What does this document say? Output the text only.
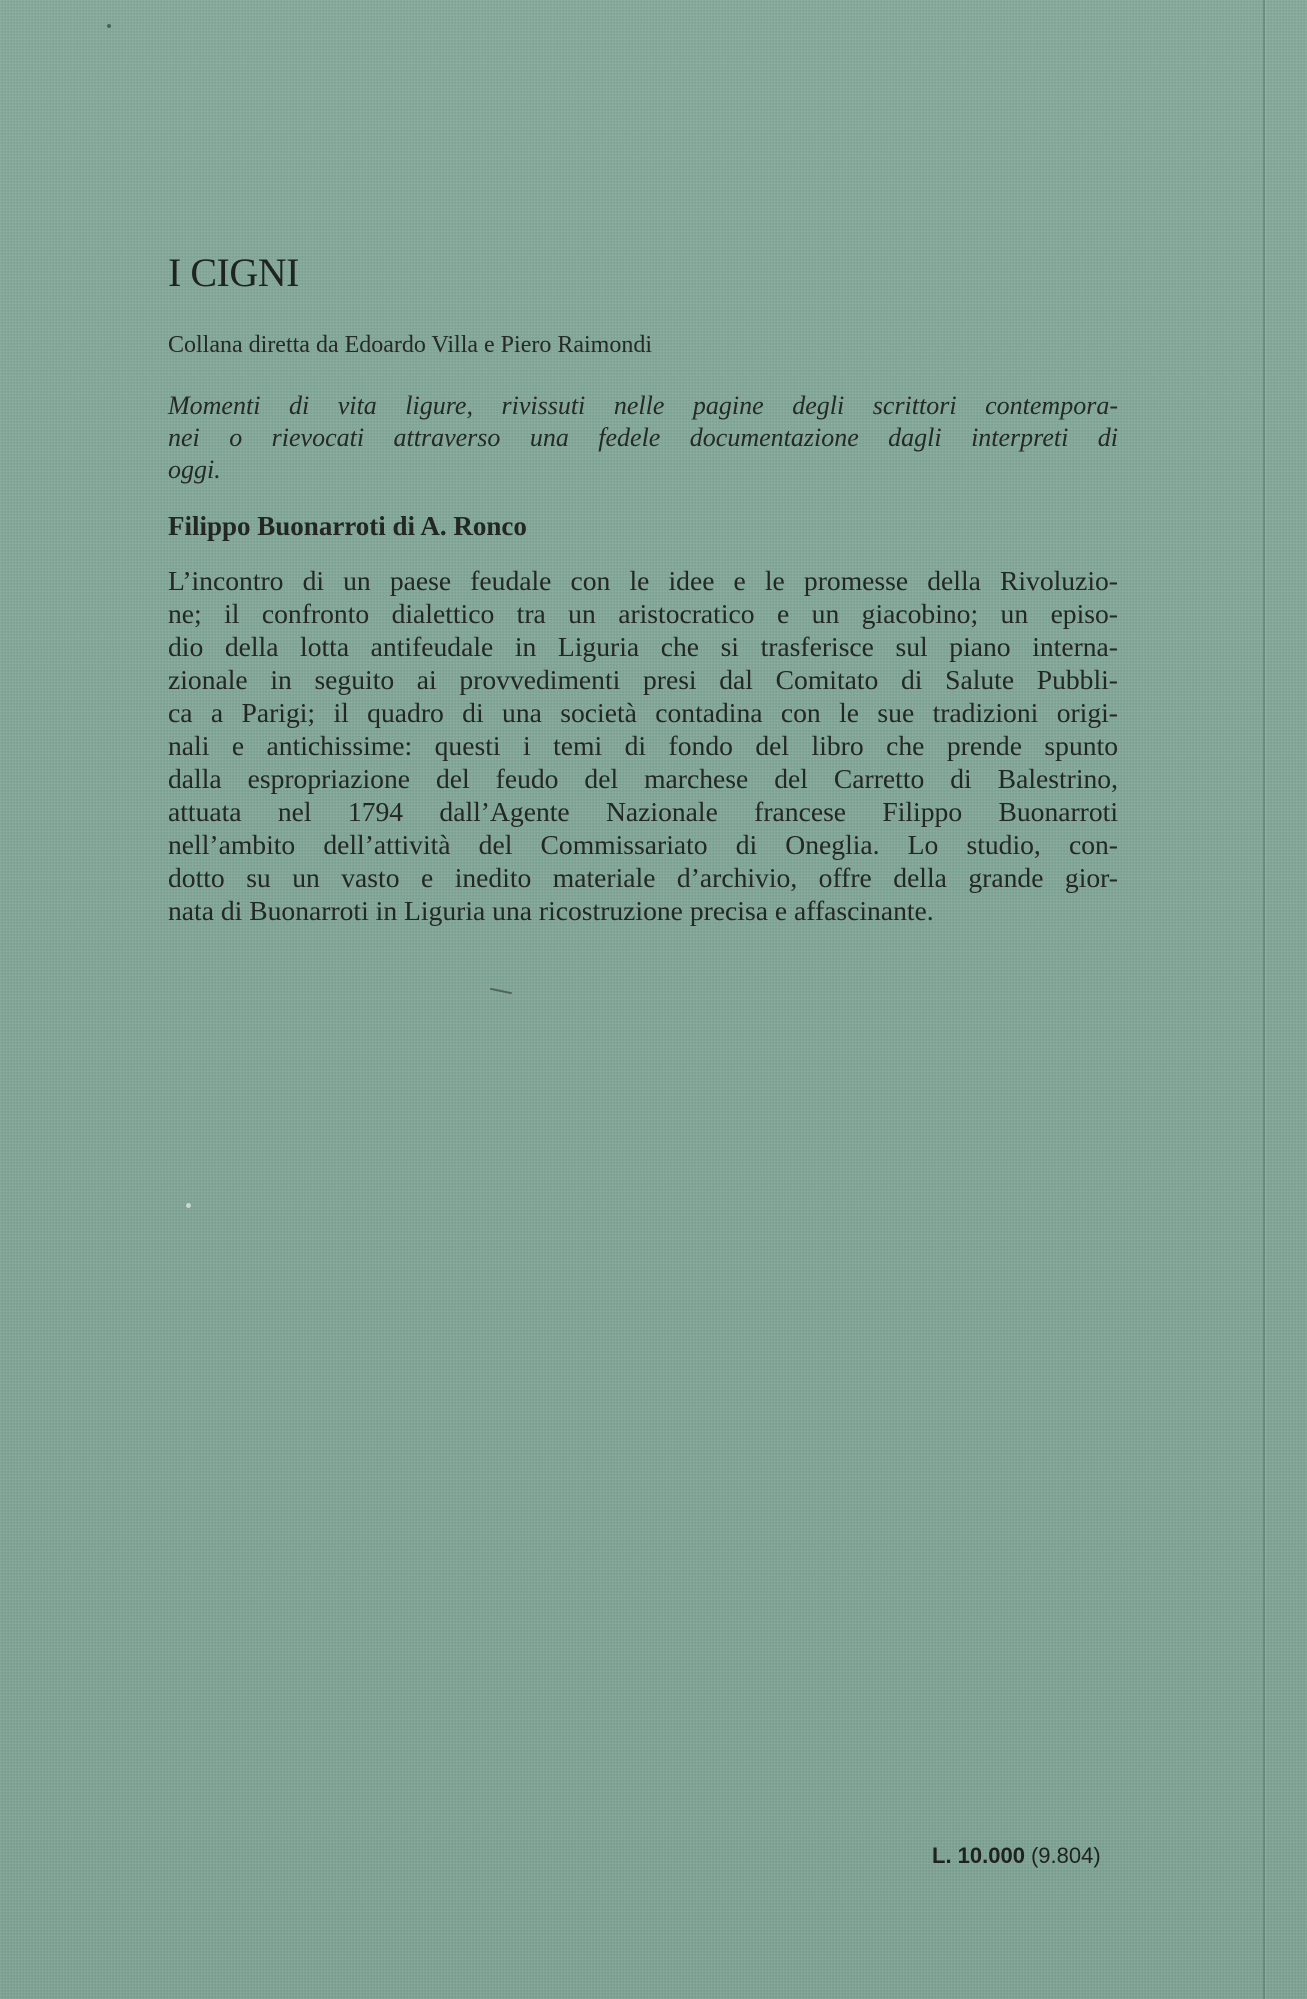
I CIGNI

Collana diretta da Edoardo Villa e Piero Raimondi

Momenti di vita ligure, rivissuti nelle pagine degli scrittori contempora-
nei o rievocati attraverso una fedele documentazione dagli interpreti di
oggi.

Filippo Buonarroti di A. Ronco

L’incontro di un paese feudale con le idee e le promesse della Rivoluzio-
ne; il confronto dialettico tra un aristocratico e un giacobino; un episo-
dio della lotta antifeudale in Liguria che si trasferisce sul piano interna-
zionale in seguito ai provvedimenti presi dal Comitato di Salute Pubbli-
ca a Parigi; il quadro di una società contadina con le sue tradizioni origi-
nali e antichissime: questi i temi di fondo del libro che prende spunto
dalla espropriazione del feudo del marchese del Carretto di Balestrino,
attuata nel 1794 dall’Agente Nazionale francese Filippo Buonarroti
nell’ambito dell’attività del Commissariato di Oneglia. Lo studio, con-
dotto su un vasto e inedito materiale d’archivio, offre della grande gior-
nata di Buonarroti in Liguria una ricostruzione precisa e affascinante.

L. 10.000 (9.804)
